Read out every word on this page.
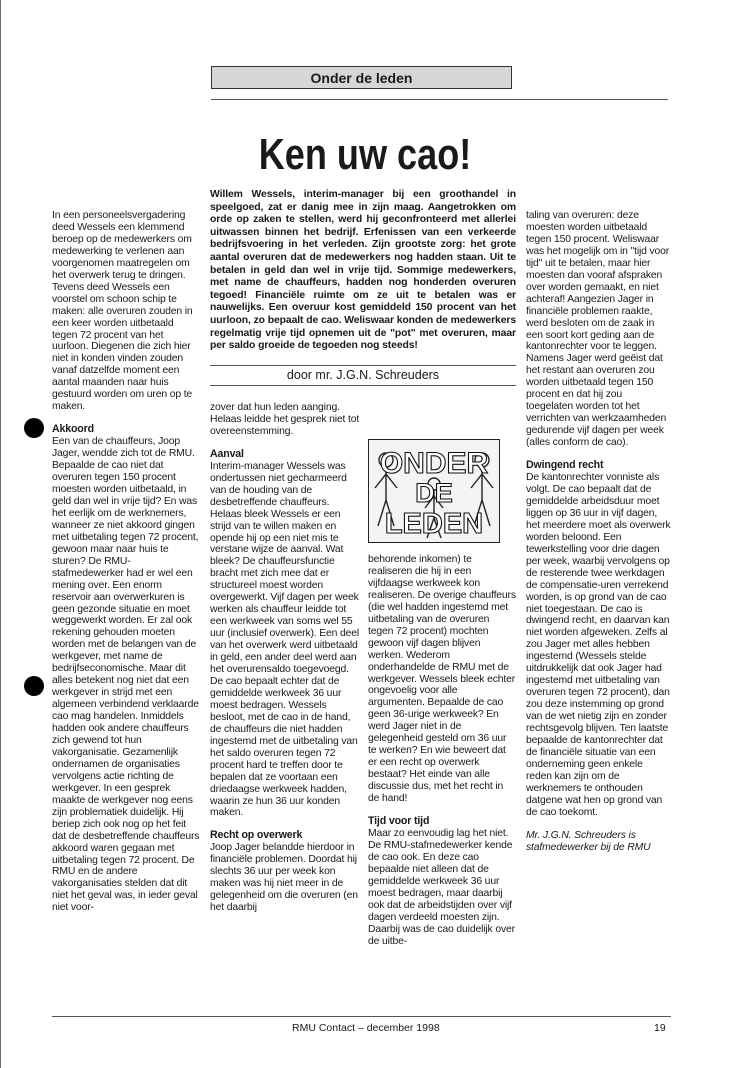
Onder de leden
Ken uw cao!
Willem Wessels, interim-manager bij een groothandel in speelgoed, zat er danig mee in zijn maag. Aangetrokken om orde op zaken te stellen, werd hij geconfronteerd met allerlei uitwassen binnen het bedrijf. Erfenissen van een verkeerde bedrijfsvoering in het verleden. Zijn grootste zorg: het grote aantal overuren dat de medewerkers nog hadden staan. Uit te betalen in geld dan wel in vrije tijd. Sommige medewerkers, met name de chauffeurs, hadden nog honderden overuren tegoed! Financiële ruimte om ze uit te betalen was er nauwelijks. Een overuur kost gemiddeld 150 procent van het uurloon, zo bepaalt de cao. Weliswaar konden de medewerkers regelmatig vrije tijd opnemen uit de "pot" met overuren, maar per saldo groeide de tegoeden nog steeds!
door mr. J.G.N. Schreuders

In een personeelsvergadering deed Wessels een klemmend beroep op de medewerkers om medewerking te verlenen aan voorgenomen maatregelen om het overwerk terug te dringen. Tevens deed Wessels een voorstel om schoon schip te maken: alle overuren zouden in een keer worden uitbetaald tegen 72 procent van het uurloon. Diegenen die zich hier niet in konden vinden zouden vanaf datzelfde moment een aantal maanden naar huis gestuurd worden om uren op te maken.

Akkoord

Een van de chauffeurs, Joop Jager, wendde zich tot de RMU. Bepaalde de cao niet dat overuren tegen 150 procent moesten worden uitbetaald, in geld dan wel in vrije tijd? En was het eerlijk om de werknemers, wanneer ze niet akkoord gingen met uitbetaling tegen 72 procent, gewoon maar naar huis te sturen? De RMU-stafmedewerker had er wel een mening over. Een enorm reservoir aan overwerkuren is geen gezonde situatie en moet weggewerkt worden. Er zal ook rekening gehouden moeten worden met de belangen van de werkgever, met name de bedrijfseconomische. Maar dit alles betekent nog niet dat een werkgever in strijd met een algemeen verbindend verklaarde cao mag handelen. Inmiddels hadden ook andere chauffeurs zich gewend tot hun vakorganisatie. Gezamenlijk ondernamen de organisaties vervolgens actie richting de werkgever. In een gesprek maakte de werkgever nog eens zijn problematiek duidelijk. Hij beriep zich ook nog op het feit dat de desbetreffende chauffeurs akkoord waren gegaan met uitbetaling tegen 72 procent. De RMU en de andere vakorganisaties stelden dat dit niet het geval was, in ieder geval niet voor-

zover dat hun leden aanging. Helaas leidde het gesprek niet tot overeenstemming.

Aanval

Interim-manager Wessels was ondertussen niet gecharmeerd van de houding van de desbetreffende chauffeurs. Helaas bleek Wessels er een strijd van te willen maken en opende hij op een niet mis te verstane wijze de aanval. Wat bleek? De chauffeursfunctie bracht met zich mee dat er structureel moest worden overgewerkt. Vijf dagen per week werken als chauffeur leidde tot een werkweek van soms wel 55 uur (inclusief overwerk). Een deel van het overwerk werd uitbetaald in geld, een ander deel werd aan het overurensaldo toegevoegd. De cao bepaalt echter dat de gemiddelde werkweek 36 uur moest bedragen. Wessels besloot, met de cao in de hand, de chauffeurs die niet hadden ingestemd met de uitbetaling van het saldo overuren tegen 72 procent hard te treffen door te bepalen dat ze voortaan een driedaagse werkweek hadden, waarin ze hun 36 uur konden maken.

Recht op overwerk

Joop Jager belandde hierdoor in financiële problemen. Doordat hij slechts 36 uur per week kon maken was hij niet meer in de gelegenheid om die overuren (en het daarbij

ONDER
DE
LEDEN

behorende inkomen) te realiseren die hij in een vijfdaagse werkweek kon realiseren. De overige chauffeurs (die wel hadden ingestemd met uitbetaling van de overuren tegen 72 procent) mochten gewoon vijf dagen blijven werken. Wederom onderhandelde de RMU met de werkgever. Wessels bleek echter ongevoelig voor alle argumenten. Bepaalde de cao geen 36-urige werkweek? En werd Jager niet in de gelegenheid gesteld om 36 uur te werken? En wie beweert dat er een recht op overwerk bestaat? Het einde van alle discussie dus, met het recht in de hand!

Tijd voor tijd

Maar zo eenvoudig lag het niet. De RMU-stafmedewerker kende de cao ook. En deze cao bepaalde niet alleen dat de gemiddelde werkweek 36 uur moest bedragen, maar daarbij ook dat de arbeidstijden over vijf dagen verdeeld moesten zijn. Daarbij was de cao duidelijk over de uitbe-

taling van overuren: deze moesten worden uitbetaald tegen 150 procent. Weliswaar was het mogelijk om in "tijd voor tijd" uit te betalen, maar hier moesten dan vooraf afspraken over worden gemaakt, en niet achteraf! Aangezien Jager in financiële problemen raakte, werd besloten om de zaak in een soort kort geding aan de kantonrechter voor te leggen. Namens Jager werd geëist dat het restant aan overuren zou worden uitbetaald tegen 150 procent en dat hij zou toegelaten worden tot het verrichten van werkzaamheden gedurende vijf dagen per week (alles conform de cao).

Dwingend recht

De kantonrechter vonniste als volgt. De cao bepaalt dat de gemiddelde arbeidsduur moet liggen op 36 uur in vijf dagen, het meerdere moet als overwerk worden beloond. Een tewerkstelling voor drie dagen per week, waarbij vervolgens op de resterende twee werkdagen de compensatie-uren verrekend worden, is op grond van de cao niet toegestaan. De cao is dwingend recht, en daarvan kan niet worden afgeweken. Zelfs al zou Jager met alles hebben ingestemd (Wessels stelde uitdrukkelijk dat ook Jager had ingestemd met uitbetaling van overuren tegen 72 procent), dan zou deze instemming op grond van de wet nietig zijn en zonder rechtsgevolg blijven. Ten laatste bepaalde de kantonrechter dat de financiële situatie van een onderneming geen enkele reden kan zijn om de werknemers te onthouden datgene wat hen op grond van de cao toekomt.

Mr. J.G.N. Schreuders is stafmedewerker bij de RMU

RMU Contact – december 1998	19
